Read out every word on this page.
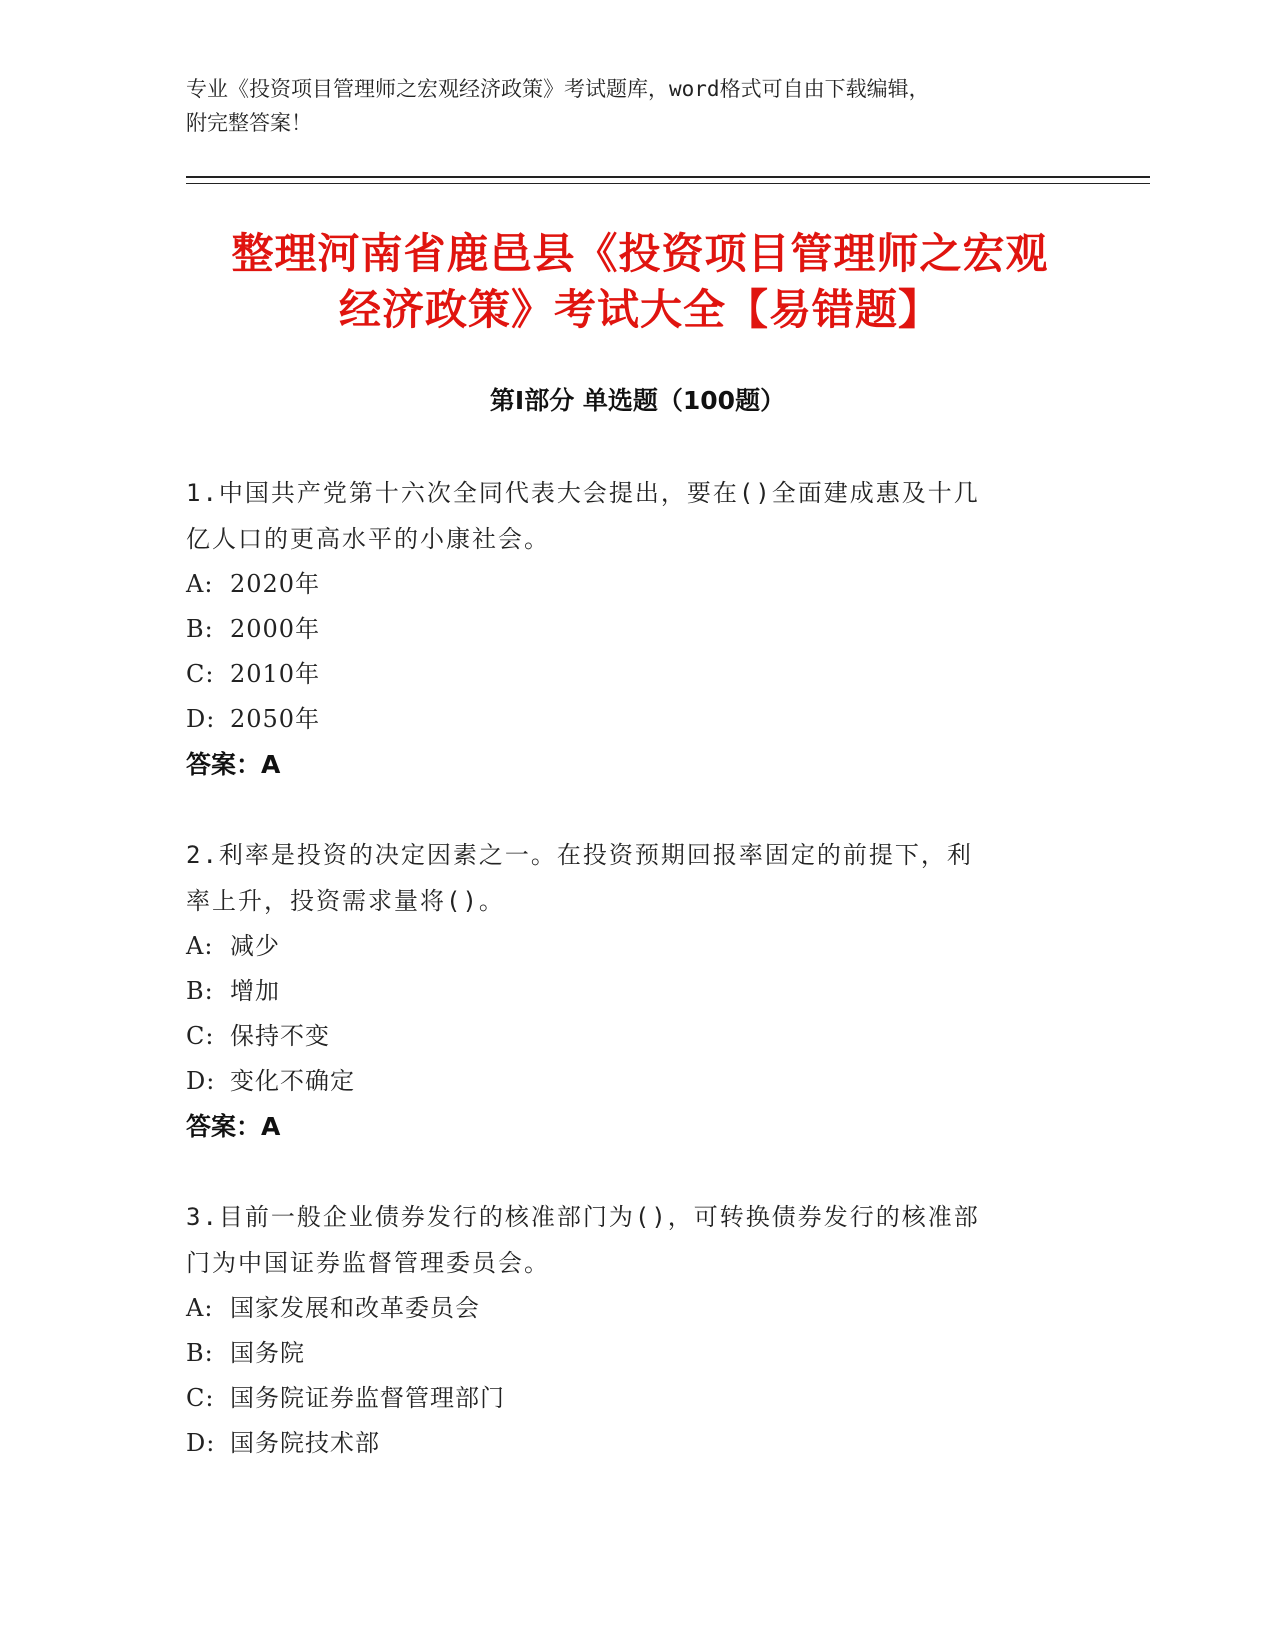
专业《投资项目管理师之宏观经济政策》考试题库，word格式可自由下载编辑，
附完整答案！
整理河南省鹿邑县《投资项目管理师之宏观
经济政策》考试大全【易错题】
第Ⅰ部分 单选题（100题）

1.中国共产党第十六次全同代表大会提出，要在()全面建成惠及十几

亿人口的更高水平的小康社会。

A: 2020年

B: 2000年

C: 2010年

D: 2050年

答案：A

2.利率是投资的决定因素之一。在投资预期回报率固定的前提下，利

率上升，投资需求量将()。

A: 减少

B: 增加

C: 保持不变

D: 变化不确定

答案：A

3.目前一般企业债券发行的核准部门为()，可转换债券发行的核准部

门为中国证券监督管理委员会。

A: 国家发展和改革委员会

B: 国务院

C: 国务院证券监督管理部门

D: 国务院技术部
